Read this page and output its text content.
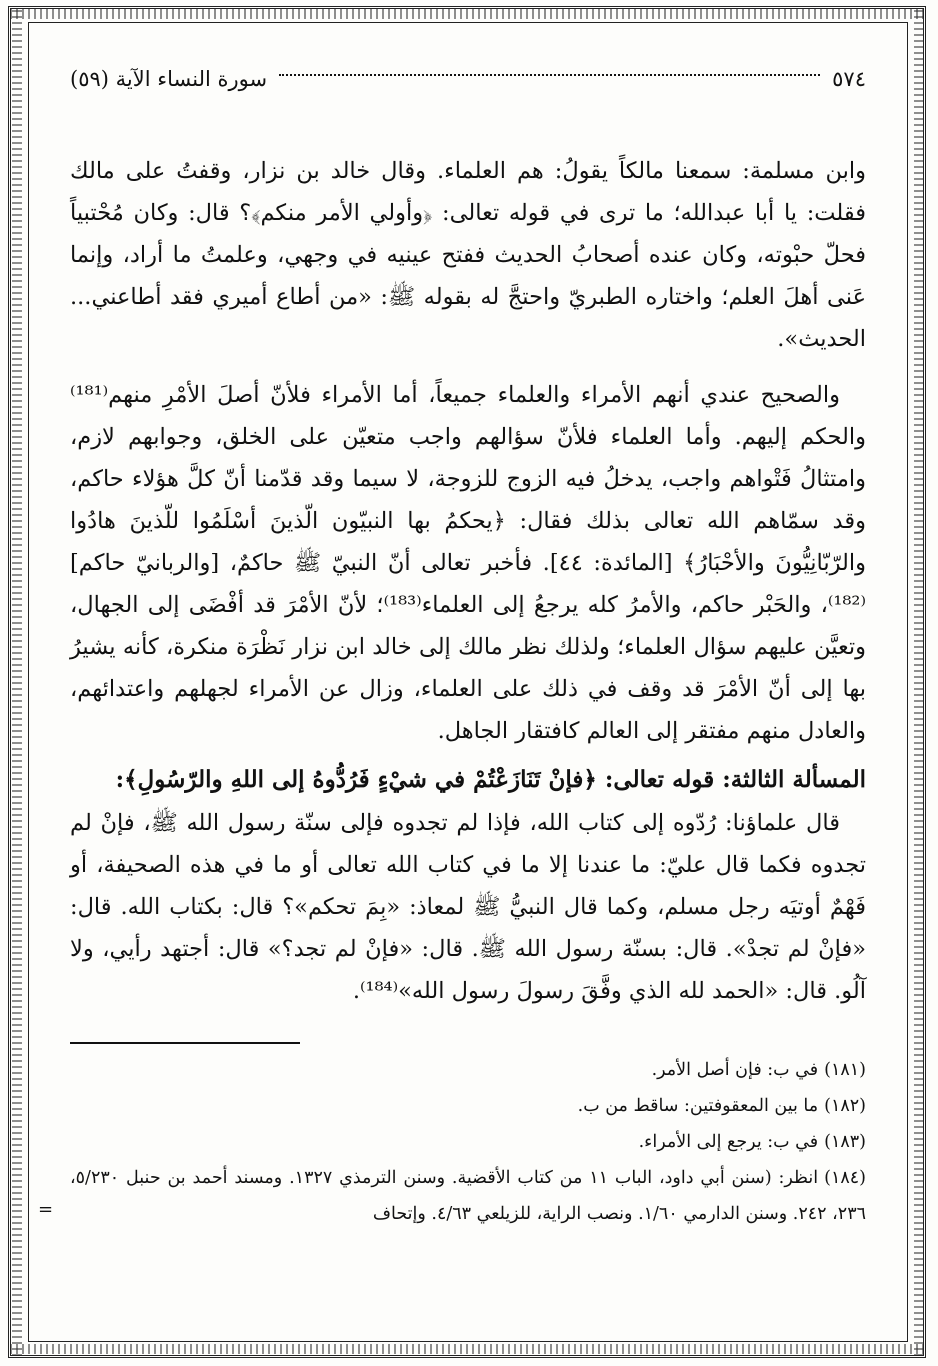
٥٧٤
سورة النساء الآية (٥٩)

وابن مسلمة: سمعنا مالكاً يقولُ: هم العلماء. وقال خالد بن نزار، وقفتُ على مالك فقلت: يا أبا عبدالله؛ ما ترى في قوله تعالى: ﴿وأولي الأمر منكم﴾؟ قال: وكان مُحْتبياً فحلّ حبْوته، وكان عنده أصحابُ الحديث ففتح عينيه في وجهي، وعلمتُ ما أراد، وإنما عَنى أهلَ العلم؛ واختاره الطبريّ واحتجَّ له بقوله ﷺ: «من أطاع أميري فقد أطاعني... الحديث».

والصحيح عندي أنهم الأمراء والعلماء جميعاً، أما الأمراء فلأنّ أصلَ الأمْرِ منهم⁽¹⁸¹⁾ والحكم إليهم. وأما العلماء فلأنّ سؤالهم واجب متعيّن على الخلق، وجوابهم لازم، وامتثالُ فَتْواهم واجب، يدخلُ فيه الزوج للزوجة، لا سيما وقد قدّمنا أنّ كلَّ هؤلاء حاكم، وقد سمّاهم الله تعالى بذلك فقال: ﴿يحكمُ بها النبيّون الّذينَ أسْلَمُوا للّذينَ هادُوا والرّبّانِيُّونَ والأحْبَارُ﴾ [المائدة: ٤٤]. فأخبر تعالى أنّ النبيّ ﷺ حاكمٌ، [والربانيّ حاكم]⁽¹⁸²⁾، والحَبْر حاكم، والأمرُ كله يرجعُ إلى العلماء⁽¹⁸³⁾؛ لأنّ الأمْرَ قد أفْضَى إلى الجهال، وتعيَّن عليهم سؤال العلماء؛ ولذلك نظر مالك إلى خالد ابن نزار نَظْرَة منكرة، كأنه يشيرُ بها إلى أنّ الأمْرَ قد وقف في ذلك على العلماء، وزال عن الأمراء لجهلهم واعتدائهم، والعادل منهم مفتقر إلى العالم كافتقار الجاهل.

المسألة الثالثة: قوله تعالى: ﴿فإنْ تَنَازَعْتُمْ في شيْءٍ فَرُدُّوهُ إلى اللهِ والرّسُولِ﴾:

قال علماؤنا: رُدّوه إلى كتاب الله، فإذا لم تجدوه فإلى سنّة رسول الله ﷺ، فإنْ لم تجدوه فكما قال عليّ: ما عندنا إلا ما في كتاب الله تعالى أو ما في هذه الصحيفة، أو فَهْمٌ أوتيَه رجل مسلم، وكما قال النبيُّ ﷺ لمعاذ: «بِمَ تحكم»؟ قال: بكتاب الله. قال: «فإنْ لم تجدْ». قال: بسنّة رسول الله ﷺ. قال: «فإنْ لم تجد؟» قال: أجتهد رأيي، ولا آلُو. قال: «الحمد لله الذي وفَّقَ رسولَ رسول الله»⁽¹⁸⁴⁾.

(١٨١)في ب: فإن أصل الأمر.
(١٨٢)ما بين المعقوفتين: ساقط من ب.
(١٨٣)في ب: يرجع إلى الأمراء.
(١٨٤)انظر: (سنن أبي داود، الباب ١١ من كتاب الأقضية. وسنن الترمذي ١٣٢٧. ومسند أحمد بن حنبل ٥/٢٣٠، ٢٣٦، ٢٤٢. وسنن الدارمي ١/٦٠. ونصب الراية، للزيلعي ٤/٦٣. وإتحاف
=
